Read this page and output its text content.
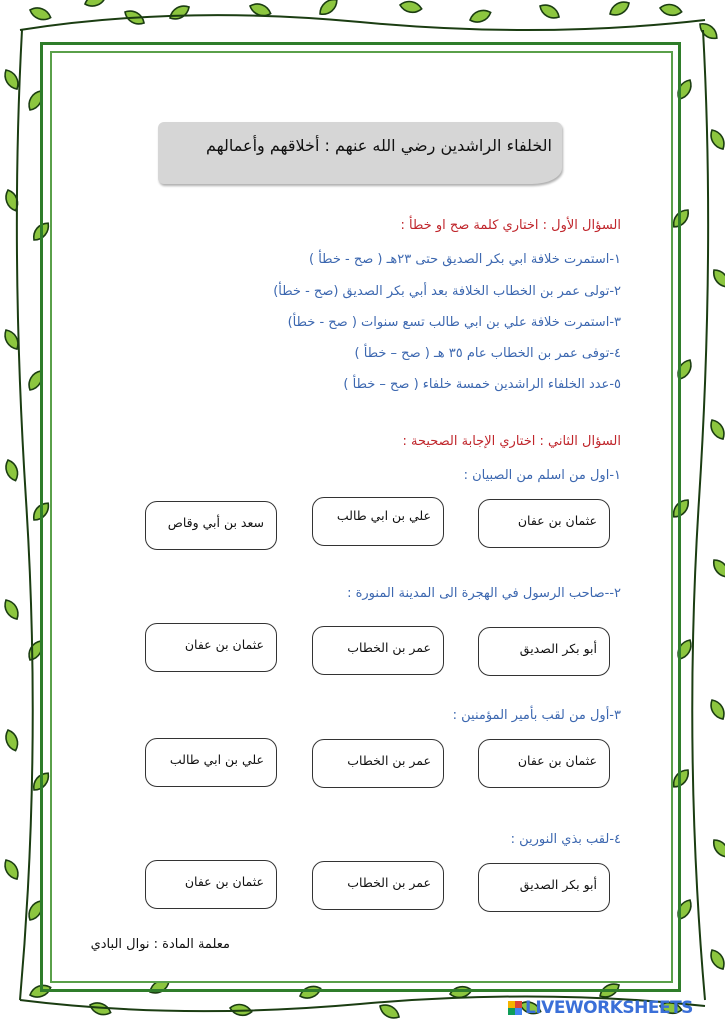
الخلفاء الراشدين رضي الله عنهم : أخلاقهم وأعمالهم
السؤال الأول : اختاري كلمة صح او خطأ :
١-استمرت خلافة ابي بكر الصديق حتى ٢٣هـ ( صح - خطأ )
٢-تولى عمر بن الخطاب الخلافة بعد أبي بكر الصديق (صح - خطأ)
٣-استمرت خلافة علي بن ابي طالب تسع سنوات ( صح - خطأ)
٤-توفى عمر بن الخطاب عام ٣٥ هـ ( صح – خطأ )
٥-عدد الخلفاء الراشدين خمسة خلفاء ( صح – خطأ )
السؤال الثاني : اختاري الإجابة الصحيحة :
١-اول من اسلم من الصبيان :
عثمان بن عفان
علي بن ابي طالب
سعد بن أبي وقاص
٢--صاحب الرسول في الهجرة الى المدينة المنورة :
أبو بكر الصديق
عمر بن الخطاب
عثمان بن عفان
٣-أول من لقب بأمير المؤمنين :
عثمان بن عفان
عمر بن الخطاب
علي بن ابي طالب
٤-لقب بذي النورين :
أبو بكر الصديق
عمر بن الخطاب
عثمان بن عفان
معلمة المادة : نوال البادي
LIVEWORKSHEETS
